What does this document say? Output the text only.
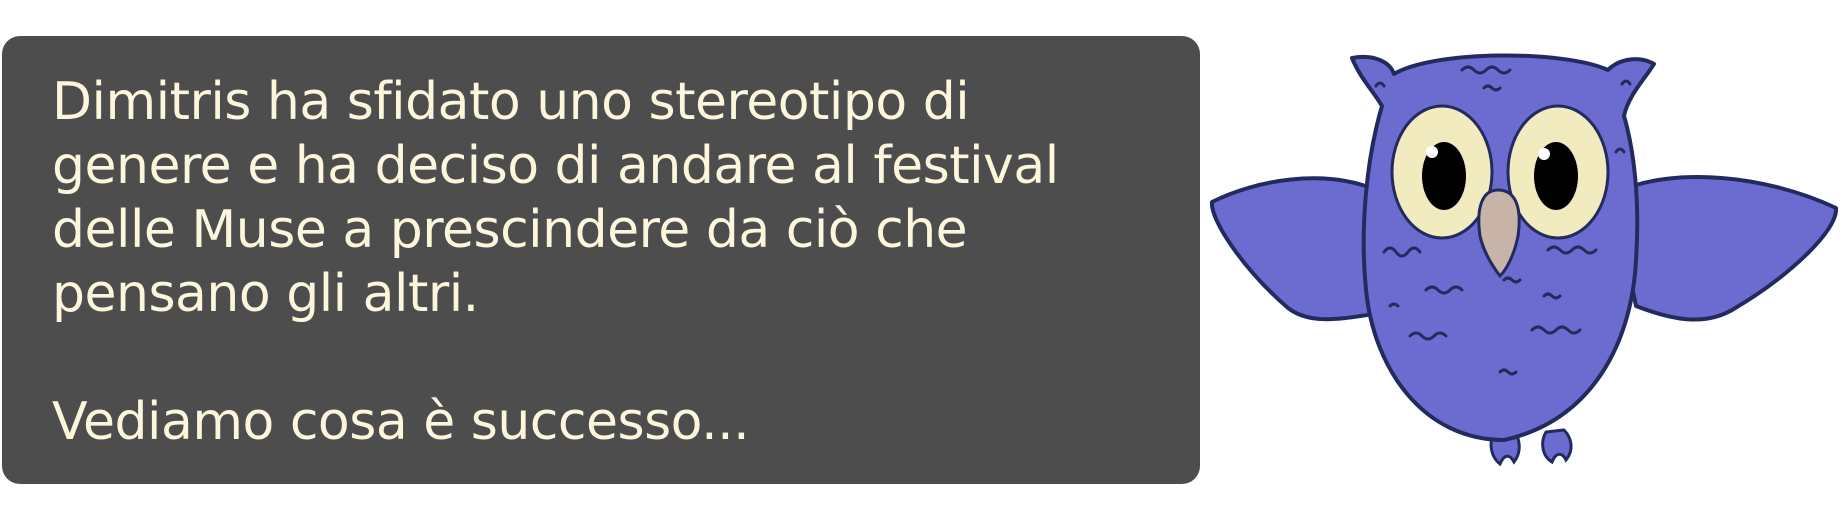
Dimitris ha sfidato uno stereotipo di genere e ha deciso di andare al festival delle Muse a prescindere da ciò che pensano gli altri.

Vediamo cosa è successo...
